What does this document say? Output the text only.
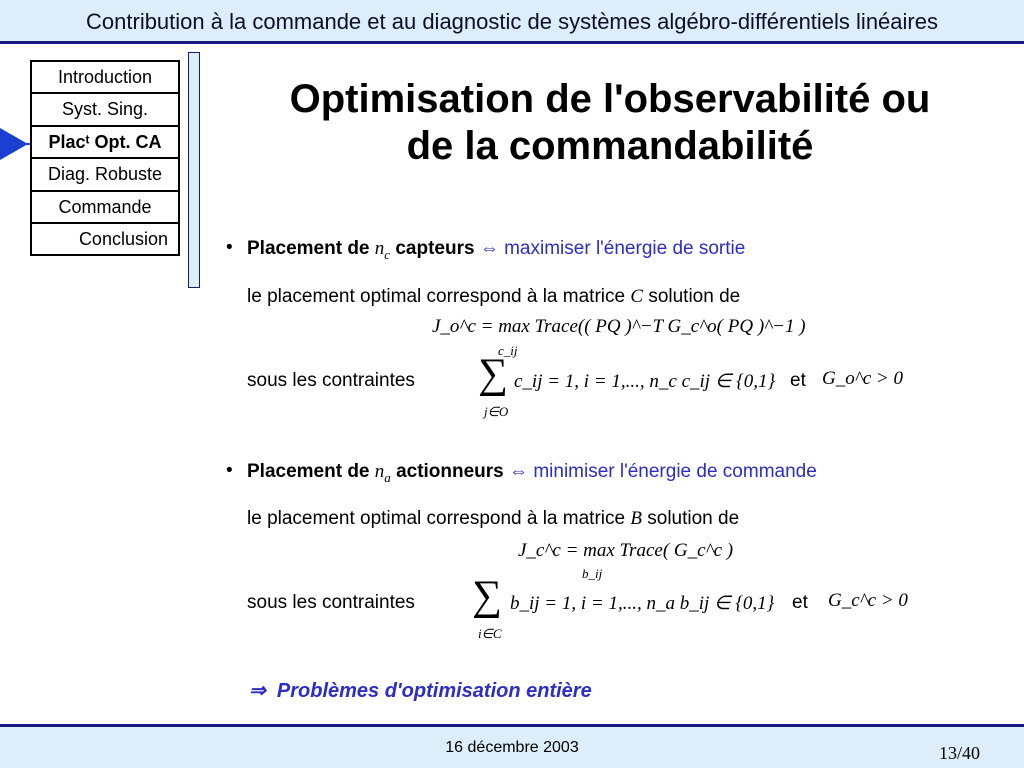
Contribution à la commande et au diagnostic de systèmes algébro-différentiels linéaires
Introduction
Syst. Sing.
Placᵗ Opt. CA
Diag. Robuste
Commande
Conclusion
Optimisation de l'observabilité ou
de la commandabilité
• Placement de $n_c$ capteurs ⇔ maximiser l'énergie de sortie
le placement optimal correspond à la matrice C solution de
J_o^c = max Trace(( PQ )^−T G_c^o( PQ )^−1 )
c_ij
sous les contraintes ∑
j∈O
c_ij = 1, i = 1,..., n_c c_ij ∈ {0,1} et G_o^c > 0
• Placement de $n_a$ actionneurs ⇔ minimiser l'énergie de commande
le placement optimal correspond à la matrice B solution de
J_c^c = max Trace( G_c^c )
b_ij
sous les contraintes ∑
i∈C
b_ij = 1, i = 1,..., n_a b_ij ∈ {0,1} et G_c^c > 0
⇒ Problèmes d'optimisation entière
16 décembre 2003	13/40
